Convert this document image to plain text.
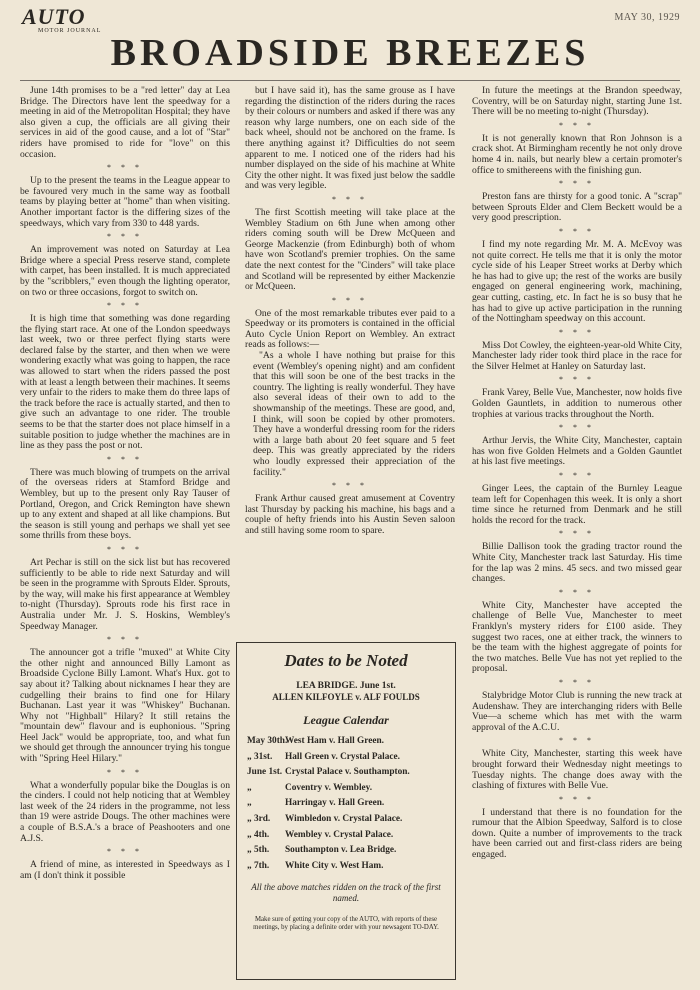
AUTO
MOTOR JOURNAL
MAY 30, 1929
BROADSIDE BREEZES

June 14th promises to be a "red letter" day at Lea Bridge. The Directors have lent the speedway for a meeting in aid of the Metropolitan Hospital; they have also given a cup, the officials are all giving their services in aid of the good cause, and a lot of "Star" riders have promised to ride for "love" on this occasion.

* * *

Up to the present the teams in the League appear to be favoured very much in the same way as football teams by playing better at "home" than when visiting. Another important factor is the differing sizes of the speedways, which vary from 330 to 448 yards.

* * *

An improvement was noted on Saturday at Lea Bridge where a special Press reserve stand, complete with carpet, has been installed. It is much appreciated by the "scribblers," even though the lighting operator, on two or three occasions, forgot to switch on.

* * *

It is high time that something was done regarding the flying start race. At one of the London speedways last week, two or three perfect flying starts were declared false by the starter, and then when we were wondering exactly what was going to happen, the race was allowed to start when the riders passed the post with at least a length between their machines. It seems very unfair to the riders to make them do three laps of the track before the race is actually started, and then to give such an advantage to one rider. The trouble seems to be that the starter does not place himself in a suitable position to judge whether the machines are in line as they pass the post or not.

* * *

There was much blowing of trumpets on the arrival of the overseas riders at Stamford Bridge and Wembley, but up to the present only Ray Tauser of Portland, Oregon, and Crick Remington have shewn up to any extent and shaped at all like champions. But the season is still young and perhaps we shall yet see some thrills from these boys.

* * *

Art Pechar is still on the sick list but has recovered sufficiently to be able to ride next Saturday and will be seen in the programme with Sprouts Elder. Sprouts, by the way, will make his first appearance at Wembley to-night (Thursday). Sprouts rode his first race in Australia under Mr. J. S. Hoskins, Wembley's Speedway Manager.

* * *

The announcer got a trifle "muxed" at White City the other night and announced Billy Lamont as Broadside Cyclone Billy Lamont. What's Hux. got to say about it? Talking about nicknames I hear they are cudgelling their brains to find one for Hilary Buchanan. Last year it was "Whiskey" Buchanan. Why not "Highball" Hilary? It still retains the "mountain dew" flavour and is euphonious. "Spring Heel Jack" would be appropriate, too, and what fun we should get through the announcer trying his tongue with "Spring Heel Hilary."

* * *

What a wonderfully popular bike the Douglas is on the cinders. I could not help noticing that at Wembley last week of the 24 riders in the programme, not less than 19 were astride Dougs. The other machines were a couple of B.S.A.'s a brace of Peashooters and one A.J.S.

* * *

A friend of mine, as interested in Speedways as I am (I don't think it possible

but I have said it), has the same grouse as I have regarding the distinction of the riders during the races by their colours or numbers and asked if there was any reason why large numbers, one on each side of the back wheel, should not be anchored on the frame. Is there anything against it? Difficulties do not seem apparent to me. I noticed one of the riders had his number displayed on the side of his machine at White City the other night. It was fixed just below the saddle and was very legible.

* * *

The first Scottish meeting will take place at the Wembley Stadium on 6th June when among other riders coming south will be Drew McQueen and George Mackenzie (from Edinburgh) both of whom have won Scotland's premier trophies. On the same date the next contest for the "Cinders" will take place and Scotland will be represented by either Mackenzie or McQueen.

* * *

One of the most remarkable tributes ever paid to a Speedway or its promoters is contained in the official Auto Cycle Union Report on Wembley. An extract reads as follows:—

"As a whole I have nothing but praise for this event (Wembley's opening night) and am confident that this will soon be one of the best tracks in the country. The lighting is really wonderful. They have also several ideas of their own to add to the showmanship of the meetings. These are good, and, I think, will soon be copied by other promoters. They have a wonderful dressing room for the riders with a large bath about 20 feet square and 5 feet deep. This was greatly appreciated by the riders who loudly expressed their appreciation of the facility."

* * *

Frank Arthur caused great amusement at Coventry last Thursday by packing his machine, his bags and a couple of hefty friends into his Austin Seven saloon and still having some room to spare.

In future the meetings at the Brandon speedway, Coventry, will be on Saturday night, starting June 1st. There will be no meeting to-night (Thursday).

* * *

It is not generally known that Ron Johnson is a crack shot. At Birmingham recently he not only drove home 4 in. nails, but nearly blew a certain promoter's office to smithereens with the finishing gun.

* * *

Preston fans are thirsty for a good tonic. A "scrap" between Sprouts Elder and Clem Beckett would be a very good prescription.

* * *

I find my note regarding Mr. M. A. McEvoy was not quite correct. He tells me that it is only the motor cycle side of his Leaper Street works at Derby which he has had to give up; the rest of the works are busily engaged on general engineering work, machining, gear cutting, casting, etc. In fact he is so busy that he has had to give up active participation in the running of the Nottingham speedway on this account.

* * *

Miss Dot Cowley, the eighteen-year-old White City, Manchester lady rider took third place in the race for the Silver Helmet at Hanley on Saturday last.

* * *

Frank Varey, Belle Vue, Manchester, now holds five Golden Gauntlets, in addition to numerous other trophies at various tracks throughout the North.

* * *

Arthur Jervis, the White City, Manchester, captain has won five Golden Helmets and a Golden Gauntlet at his last five meetings.

* * *

Ginger Lees, the captain of the Burnley League team left for Copenhagen this week. It is only a short time since he returned from Denmark and he still holds the record for the track.

* * *

Billie Dallison took the grading tractor round the White City, Manchester track last Saturday. His time for the lap was 2 mins. 45 secs. and two missed gear changes.

* * *

White City, Manchester have accepted the challenge of Belle Vue, Manchester to meet Franklyn's mystery riders for £100 aside. They suggest two races, one at either track, the winners to be the team with the highest aggregate of points for the two matches. Belle Vue has not yet replied to the proposal.

* * *

Stalybridge Motor Club is running the new track at Audenshaw. They are interchanging riders with Belle Vue—a scheme which has met with the warm approval of the A.C.U.

* * *

White City, Manchester, starting this week have brought forward their Wednesday night meetings to Tuesday nights. The change does away with the clashing of fixtures with Belle Vue.

* * *

I understand that there is no foundation for the rumour that the Albion Speedway, Salford is to close down. Quite a number of improvements to the track have been carried out and first-class riders are being engaged.

Dates to be Noted
LEA BRIDGE. June 1st.
ALLEN KILFOYLE v. ALF FOULDS
League Calendar
May 30th.
West Ham v. Hall Green.
„ 31st.	Hall Green v. Crystal Palace.
June 1st. Crystal Palace v. Southampton.
„	Coventry v. Wembley.
„	Harringay v. Hall Green.
„ 3rd.	Wimbledon v. Crystal Palace.
„ 4th.	Wembley v. Crystal Palace.
„ 5th.	Southampton v. Lea Bridge.
„ 7th.	White City v. West Ham.
All the above matches ridden on the track of the first named.
Make sure of getting your copy of the AUTO, with reports of these meetings, by placing a definite order with your newsagent TO-DAY.
